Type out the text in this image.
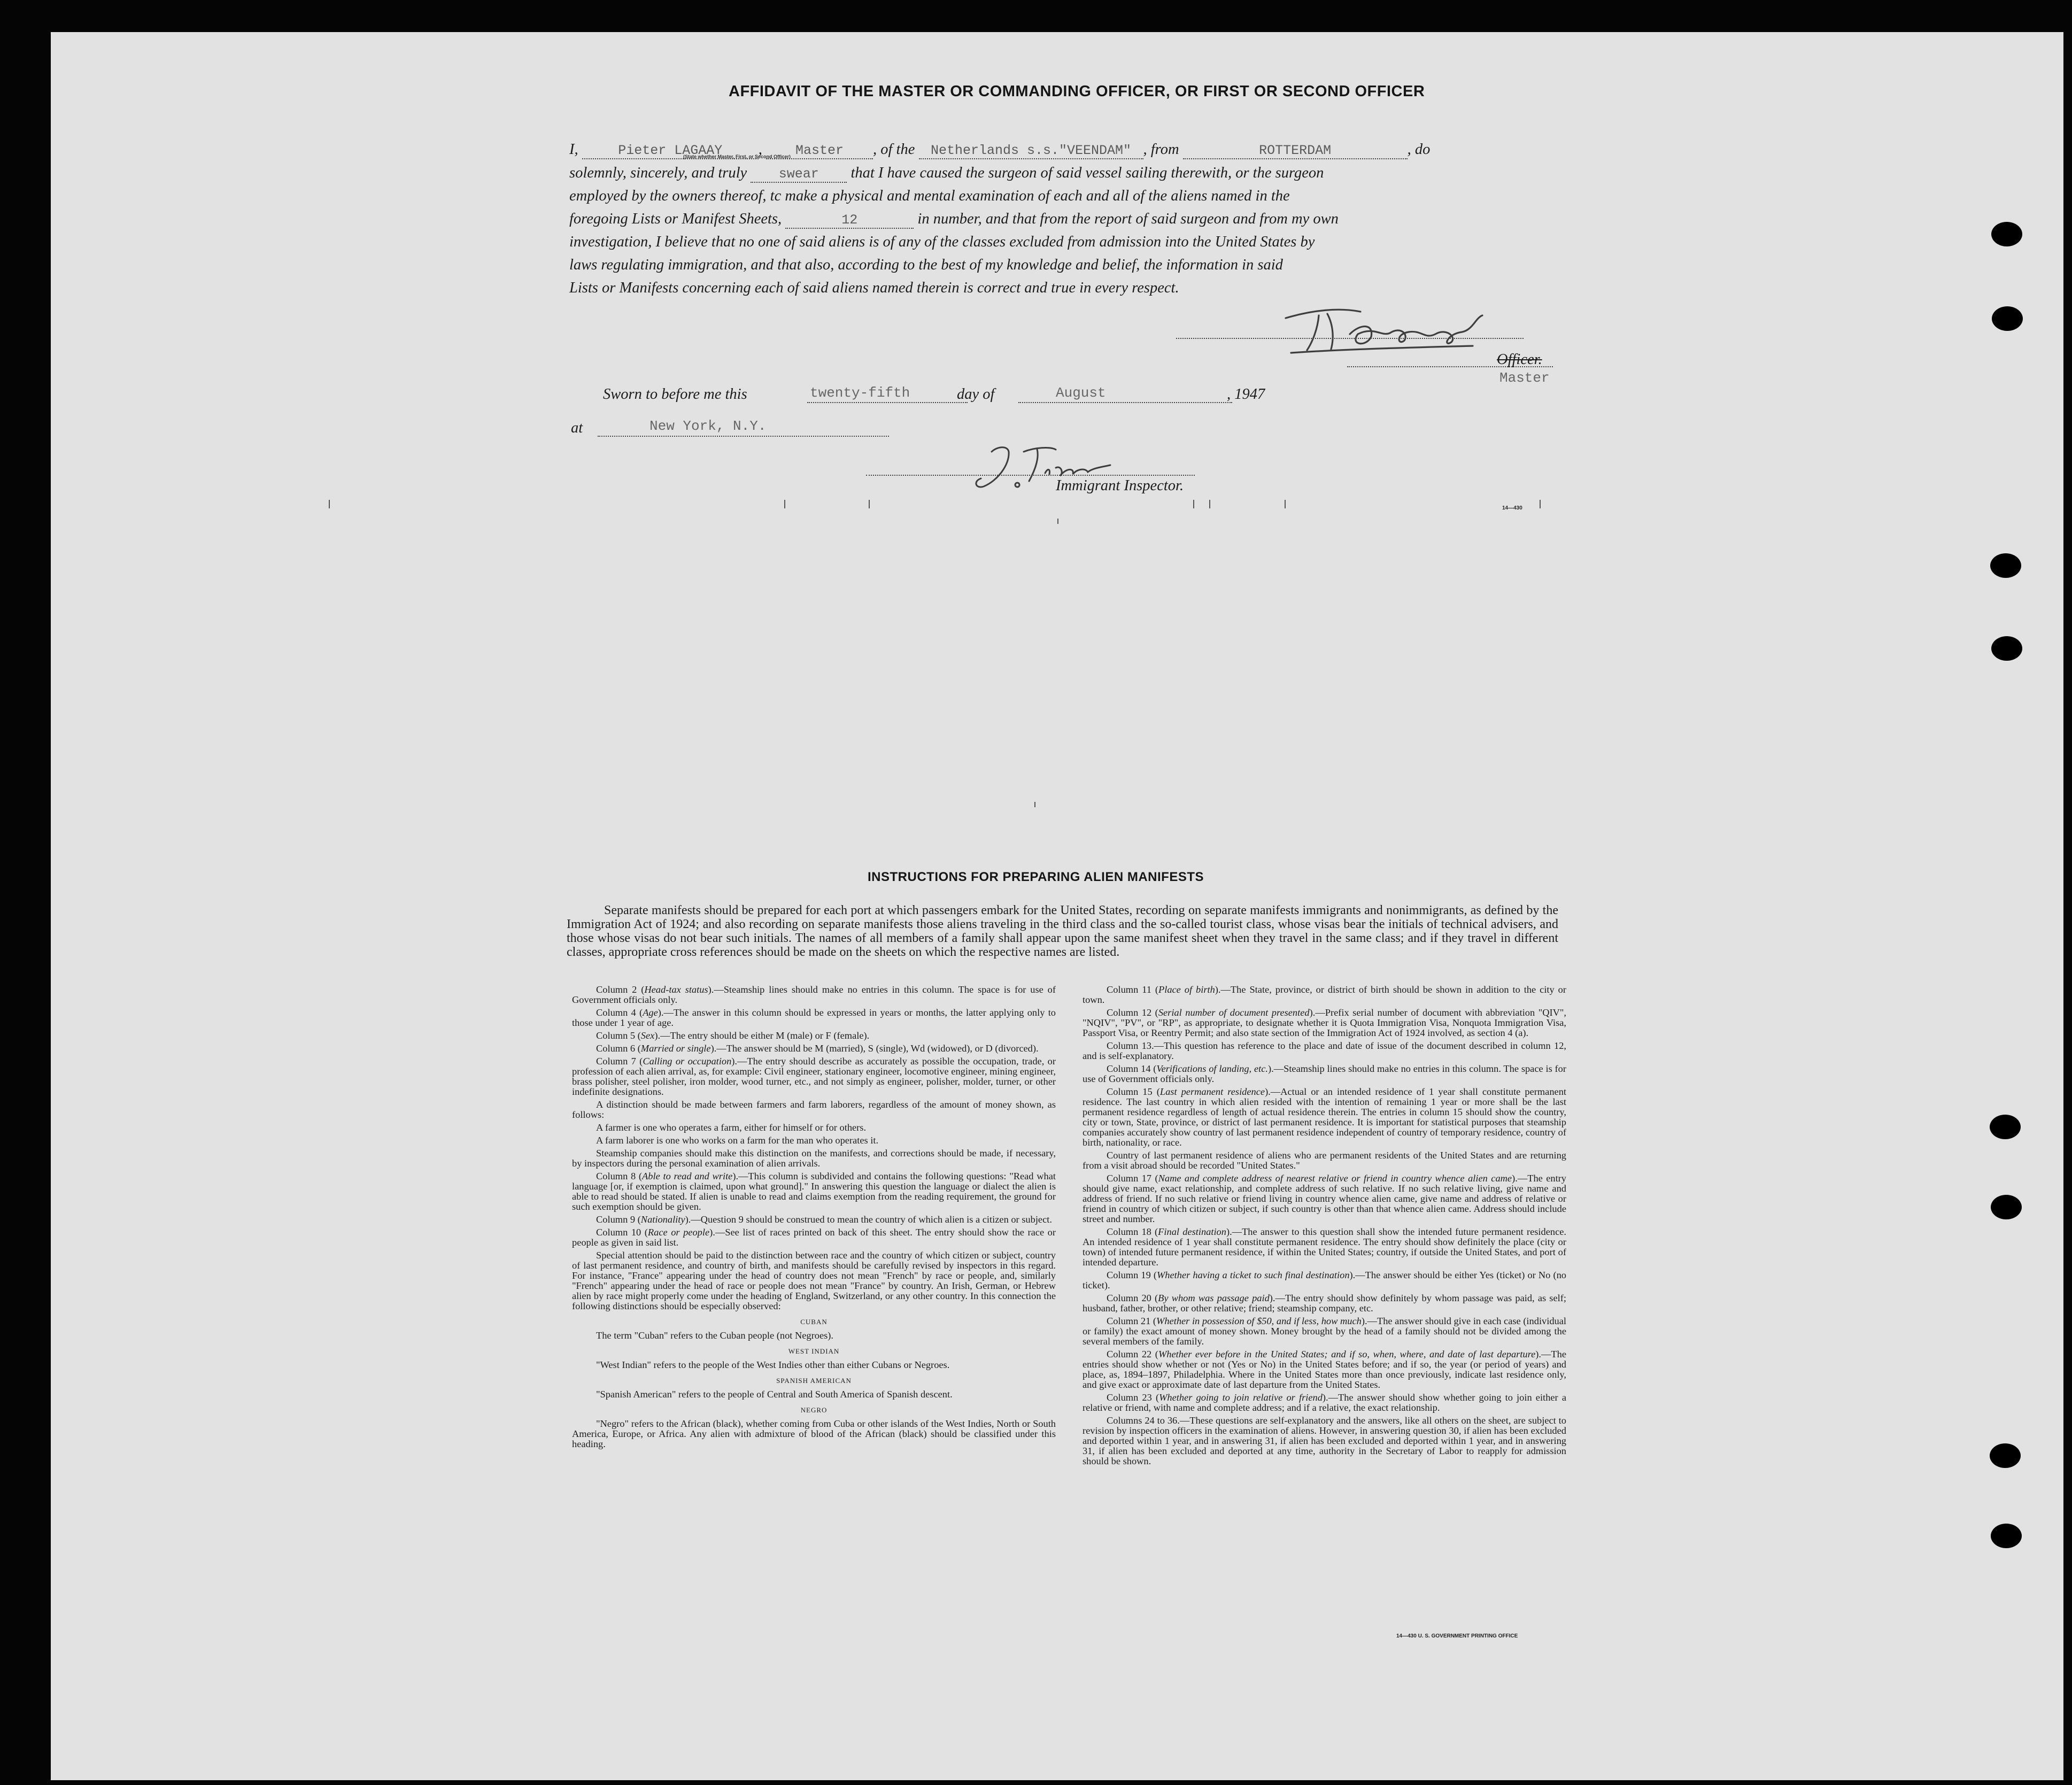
AFFIDAVIT OF THE MASTER OR COMMANDING OFFICER, OR FIRST OR SECOND OFFICER
I,	Pieter LAGAAY , Master , of the Netherlands s.s."VEENDAM" , from	ROTTERDAM	, do
(State whether Master, First, or Second Officer)
solemnly, sincerely, and truly swear that I have caused the surgeon of said vessel sailing therewith, or the surgeon
employed by the owners thereof, tc make a physical and mental examination of each and all of the aliens named in the
foregoing Lists or Manifest Sheets,	12	in number, and that from the report of said surgeon and from my own
investigation, I believe that no one of said aliens is of any of the classes excluded from admission into the United States by
laws regulating immigration, and that also, according to the best of my knowledge and belief, the information in said
Lists or Manifests concerning each of said aliens named therein is correct and true in every respect.
Officer.
Master
Sworn to before me this	twenty-fifth	day of	August	, 1947
at	New York, N.Y.
Immigrant Inspector.
14—430
INSTRUCTIONS FOR PREPARING ALIEN MANIFESTS
Separate manifests should be prepared for each port at which passengers embark for the United States, recording on separate manifests immigrants and nonimmigrants, as defined by the Immigration Act of 1924; and also recording on separate manifests those aliens traveling in the third class and the so-called tourist class, whose visas bear the initials of technical advisers, and those whose visas do not bear such initials. The names of all members of a family shall appear upon the same manifest sheet when they travel in the same class; and if they travel in different classes, appropriate cross references should be made on the sheets on which the respective names are listed.

Column 2 (Head-tax status).—Steamship lines should make no entries in this column. The space is for use of Government officials only.

Column 4 (Age).—The answer in this column should be expressed in years or months, the latter applying only to those under 1 year of age.

Column 5 (Sex).—The entry should be either M (male) or F (female).

Column 6 (Married or single).—The answer should be M (married), S (single), Wd (widowed), or D (divorced).

Column 7 (Calling or occupation).—The entry should describe as accurately as possible the occupation, trade, or profession of each alien arrival, as, for example: Civil engineer, stationary engineer, locomotive engineer, mining engineer, brass polisher, steel polisher, iron molder, wood turner, etc., and not simply as engineer, polisher, molder, turner, or other indefinite designations.

A distinction should be made between farmers and farm laborers, regardless of the amount of money shown, as follows:

A farmer is one who operates a farm, either for himself or for others.

A farm laborer is one who works on a farm for the man who operates it.

Steamship companies should make this distinction on the manifests, and corrections should be made, if necessary, by inspectors during the personal examination of alien arrivals.

Column 8 (Able to read and write).—This column is subdivided and contains the following questions: "Read what language [or, if exemption is claimed, upon what ground]." In answering this question the language or dialect the alien is able to read should be stated. If alien is unable to read and claims exemption from the reading requirement, the ground for such exemption should be given.

Column 9 (Nationality).—Question 9 should be construed to mean the country of which alien is a citizen or subject.

Column 10 (Race or people).—See list of races printed on back of this sheet. The entry should show the race or people as given in said list.

Special attention should be paid to the distinction between race and the country of which citizen or subject, country of last permanent residence, and country of birth, and manifests should be carefully revised by inspectors in this regard. For instance, "France" appearing under the head of country does not mean "French" by race or people, and, similarly "French" appearing under the head of race or people does not mean "France" by country. An Irish, German, or Hebrew alien by race might properly come under the heading of England, Switzerland, or any other country. In this connection the following distinctions should be especially observed:

CUBAN

The term "Cuban" refers to the Cuban people (not Negroes).

WEST INDIAN

"West Indian" refers to the people of the West Indies other than either Cubans or Negroes.

SPANISH AMERICAN

"Spanish American" refers to the people of Central and South America of Spanish descent.

NEGRO

"Negro" refers to the African (black), whether coming from Cuba or other islands of the West Indies, North or South America, Europe, or Africa. Any alien with admixture of blood of the African (black) should be classified under this heading.

Column 11 (Place of birth).—The State, province, or district of birth should be shown in addition to the city or town.

Column 12 (Serial number of document presented).—Prefix serial number of document with abbreviation "QIV", "NQIV", "PV", or "RP", as appropriate, to designate whether it is Quota Immigration Visa, Nonquota Immigration Visa, Passport Visa, or Reentry Permit; and also state section of the Immigration Act of 1924 involved, as section 4 (a).

Column 13.—This question has reference to the place and date of issue of the document described in column 12, and is self-explanatory.

Column 14 (Verifications of landing, etc.).—Steamship lines should make no entries in this column. The space is for use of Government officials only.

Column 15 (Last permanent residence).—Actual or an intended residence of 1 year shall constitute permanent residence. The last country in which alien resided with the intention of remaining 1 year or more shall be the last permanent residence regardless of length of actual residence therein. The entries in column 15 should show the country, city or town, State, province, or district of last permanent residence. It is important for statistical purposes that steamship companies accurately show country of last permanent residence independent of country of temporary residence, country of birth, nationality, or race.

Country of last permanent residence of aliens who are permanent residents of the United States and are returning from a visit abroad should be recorded "United States."

Column 17 (Name and complete address of nearest relative or friend in country whence alien came).—The entry should give name, exact relationship, and complete address of such relative. If no such relative living, give name and address of friend. If no such relative or friend living in country whence alien came, give name and address of relative or friend in country of which citizen or subject, if such country is other than that whence alien came. Address should include street and number.

Column 18 (Final destination).—The answer to this question shall show the intended future permanent residence. An intended residence of 1 year shall constitute permanent residence. The entry should show definitely the place (city or town) of intended future permanent residence, if within the United States; country, if outside the United States, and port of intended departure.

Column 19 (Whether having a ticket to such final destination).—The answer should be either Yes (ticket) or No (no ticket).

Column 20 (By whom was passage paid).—The entry should show definitely by whom passage was paid, as self; husband, father, brother, or other relative; friend; steamship company, etc.

Column 21 (Whether in possession of $50, and if less, how much).—The answer should give in each case (individual or family) the exact amount of money shown. Money brought by the head of a family should not be divided among the several members of the family.

Column 22 (Whether ever before in the United States; and if so, when, where, and date of last departure).—The entries should show whether or not (Yes or No) in the United States before; and if so, the year (or period of years) and place, as, 1894–1897, Philadelphia. Where in the United States more than once previously, indicate last residence only, and give exact or approximate date of last departure from the United States.

Column 23 (Whether going to join relative or friend).—The answer should show whether going to join either a relative or friend, with name and complete address; and if a relative, the exact relationship.

Columns 24 to 36.—These questions are self-explanatory and the answers, like all others on the sheet, are subject to revision by inspection officers in the examination of aliens. However, in answering question 30, if alien has been excluded and deported within 1 year, and in answering 31, if alien has been excluded and deported within 1 year, and in answering 31, if alien has been excluded and deported at any time, authority in the Secretary of Labor to reapply for admission should be shown.

14—430 U. S. GOVERNMENT PRINTING OFFICE
